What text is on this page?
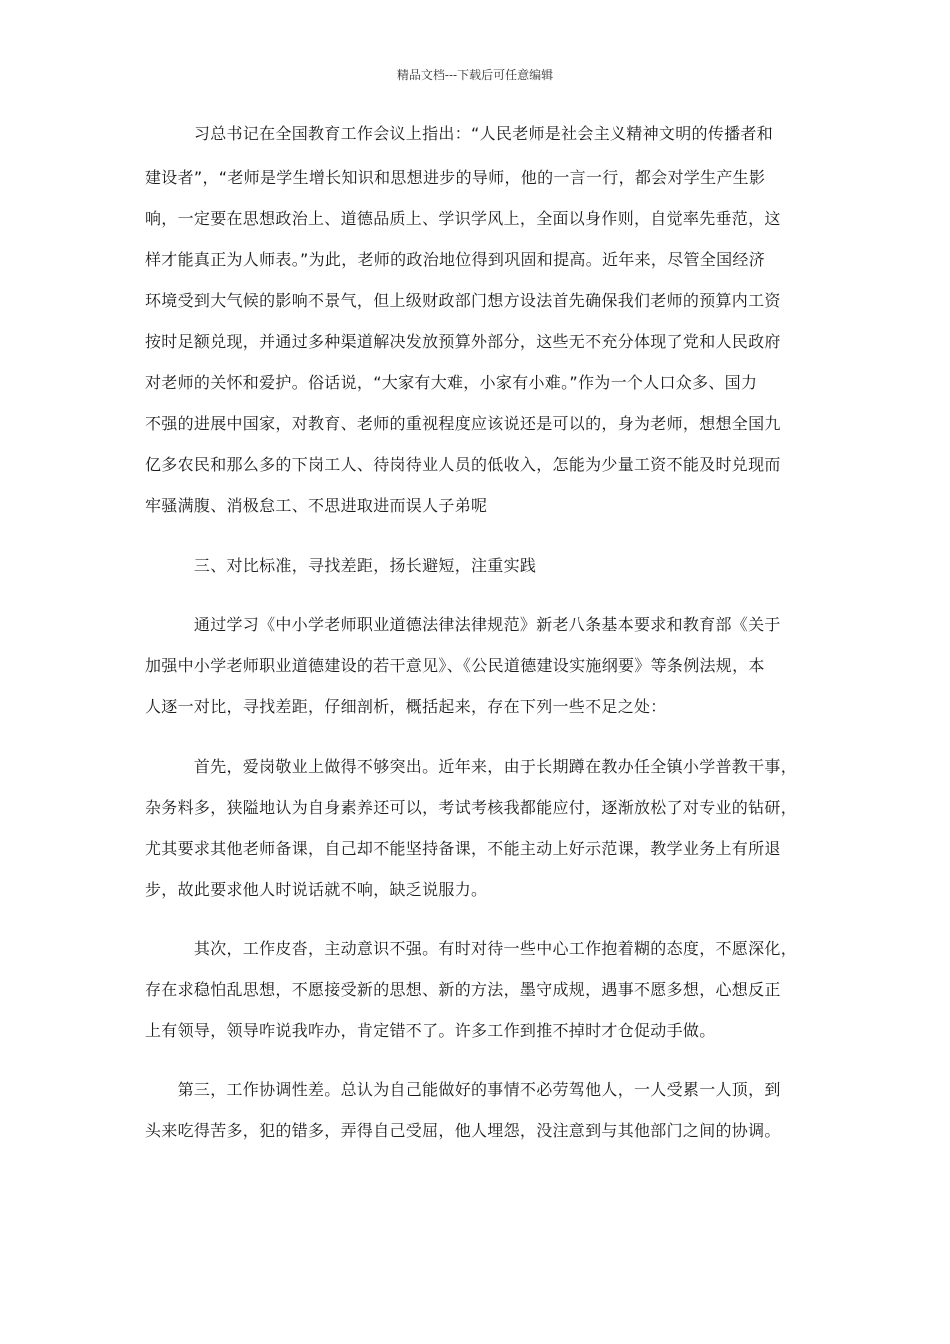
精品文档---下载后可任意编辑
　　　习总书记在全国教育工作会议上指出：“人民老师是社会主义精神文明的传播者和
建设者”，“老师是学生增长知识和思想进步的导师，他的一言一行，都会对学生产生影
响，一定要在思想政治上、道德品质上、学识学风上，全面以身作则，自觉率先垂范，这
样才能真正为人师表。”为此，老师的政治地位得到巩固和提高。近年来，尽管全国经济
环境受到大气候的影响不景气，但上级财政部门想方设法首先确保我们老师的预算内工资
按时足额兑现，并通过多种渠道解决发放预算外部分，这些无不充分体现了党和人民政府
对老师的关怀和爱护。俗话说，“大家有大难，小家有小难。”作为一个人口众多、国力
不强的进展中国家，对教育、老师的重视程度应该说还是可以的，身为老师，想想全国九
亿多农民和那么多的下岗工人、待岗待业人员的低收入，怎能为少量工资不能及时兑现而
牢骚满腹、消极怠工、不思进取进而误人子弟呢
　　　三、对比标准，寻找差距，扬长避短，注重实践
　　　通过学习《中小学老师职业道德法律法律规范》新老八条基本要求和教育部《关于
加强中小学老师职业道德建设的若干意见》、《公民道德建设实施纲要》等条例法规，本
人逐一对比，寻找差距，仔细剖析，概括起来，存在下列一些不足之处：
　　　首先，爱岗敬业上做得不够突出。近年来，由于长期蹲在教办任全镇小学普教干事，
杂务料多，狭隘地认为自身素养还可以，考试考核我都能应付，逐渐放松了对专业的钻研，
尤其要求其他老师备课，自己却不能坚持备课，不能主动上好示范课，教学业务上有所退
步，故此要求他人时说话就不响，缺乏说服力。
　　　其次，工作皮沓，主动意识不强。有时对待一些中心工作抱着糊的态度，不愿深化，
存在求稳怕乱思想，不愿接受新的思想、新的方法，墨守成规，遇事不愿多想，心想反正
上有领导，领导咋说我咋办，肯定错不了。许多工作到推不掉时才仓促动手做。
　　第三，工作协调性差。总认为自己能做好的事情不必劳驾他人，一人受累一人顶，到
头来吃得苦多，犯的错多，弄得自己受屈，他人埋怨，没注意到与其他部门之间的协调。
